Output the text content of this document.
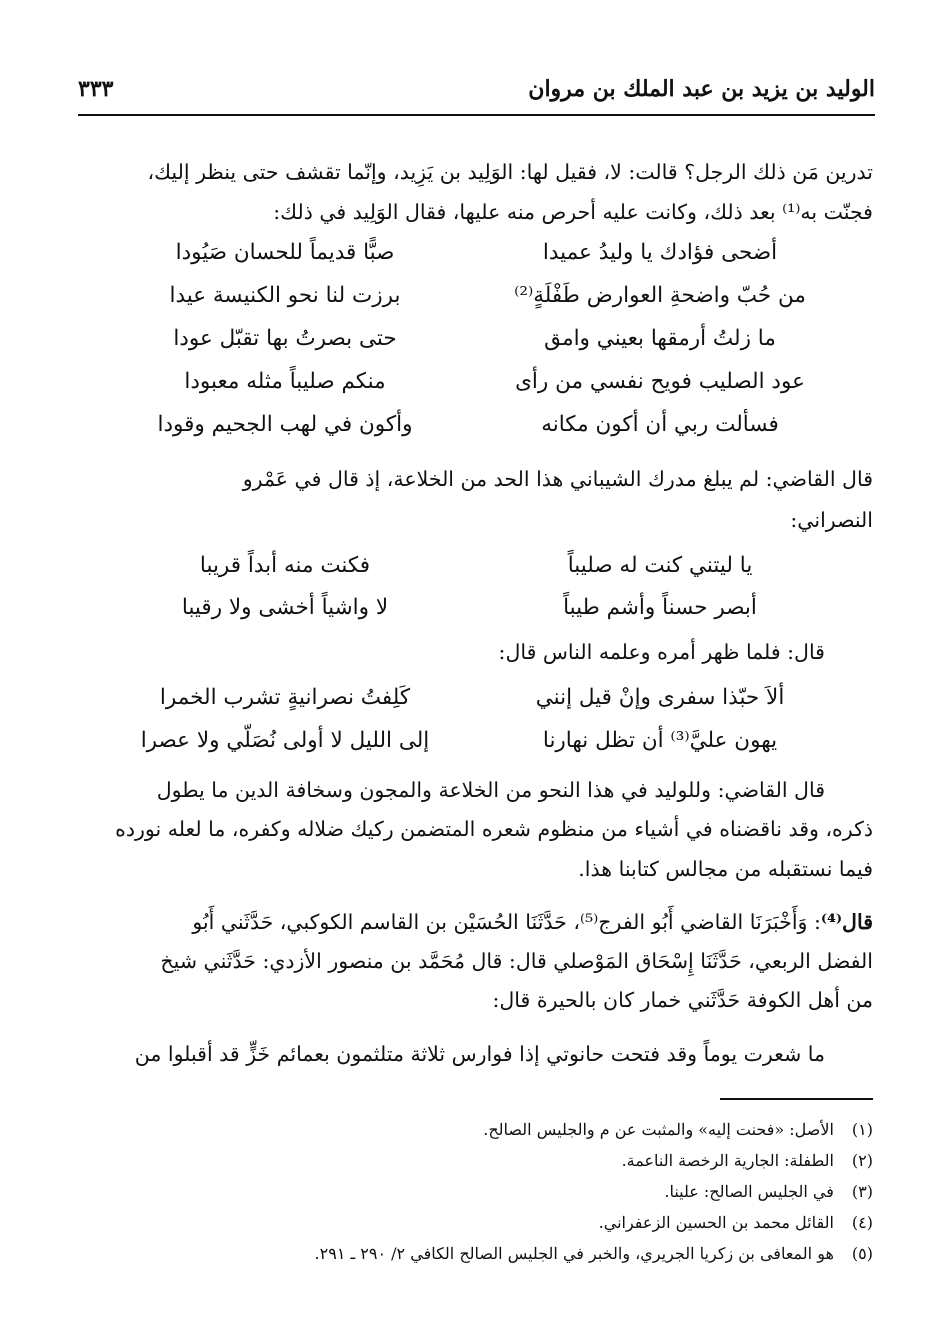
الوليد بن يزيد بن عبد الملك بن مروان
٣٣٣
تدرين مَن ذلك الرجل؟ قالت: لا، فقيل لها: الوَلِيد بن يَزِيد، وإنّما تقشف حتى ينظر إليك،
فجنّت به⁽¹⁾ بعد ذلك، وكانت عليه أحرص منه عليها، فقال الوَلِيد في ذلك:
أضحى فؤادك يا وليدُ عميدا
صبًّا قديماً للحسان صَيُودا
من حُبّ واضحةِ العوارض طَفْلَةٍ⁽²⁾
برزت لنا نحو الكنيسة عيدا
ما زلتُ أرمقها بعيني وامق
حتى بصرتُ بها تقبّل عودا
عود الصليب فويح نفسي من رأى
منكم صليباً مثله معبودا
فسألت ربي أن أكون مكانه
وأكون في لهب الجحيم وقودا
قال القاضي: لم يبلغ مدرك الشيباني هذا الحد من الخلاعة، إذ قال في عَمْرو
النصراني:
يا ليتني كنت له صليباً
فكنت منه أبداً قريبا
أبصر حسناً وأشم طيباً
لا واشياً أخشى ولا رقيبا
قال: فلما ظهر أمره وعلمه الناس قال:
ألاَ حبّذا سفرى وإنْ قيل إنني
كَلِفتُ نصرانيةٍ تشرب الخمرا
يهون عليَّ⁽³⁾ أن تظل نهارنا
إلى الليل لا أولى نُصَلّي ولا عصرا
قال القاضي: وللوليد في هذا النحو من الخلاعة والمجون وسخافة الدين ما يطول
ذكره، وقد ناقضناه في أشياء من منظوم شعره المتضمن ركيك ضلاله وكفره، ما لعله نورده
فيما نستقبله من مجالس كتابنا هذا.
قال⁽⁴⁾: وَأَخْبَرَنَا القاضي أَبُو الفرج⁽⁵⁾، حَدَّثَنَا الحُسَيْن بن القاسم الكوكبي، حَدَّثَني أَبُو
الفضل الربعي، حَدَّثَنَا إِسْحَاق المَوْصلي قال: قال مُحَمَّد بن منصور الأزدي: حَدَّثَني شيخ
من أهل الكوفة حَدَّثَني خمار كان بالحيرة قال:
ما شعرت يوماً وقد فتحت حانوتي إذا فوارس ثلاثة متلثمون بعمائم خَزٍّ قد أقبلوا من
(١) الأصل: «فحنت إليه» والمثبت عن م والجليس الصالح.
(٢) الطفلة: الجارية الرخصة الناعمة.
(٣) في الجليس الصالح: علينا.
(٤) القائل محمد بن الحسين الزعفراني.
(٥) هو المعافى بن زكريا الجريري، والخبر في الجليس الصالح الكافي ٢/ ٢٩٠ ـ ٢٩١.
